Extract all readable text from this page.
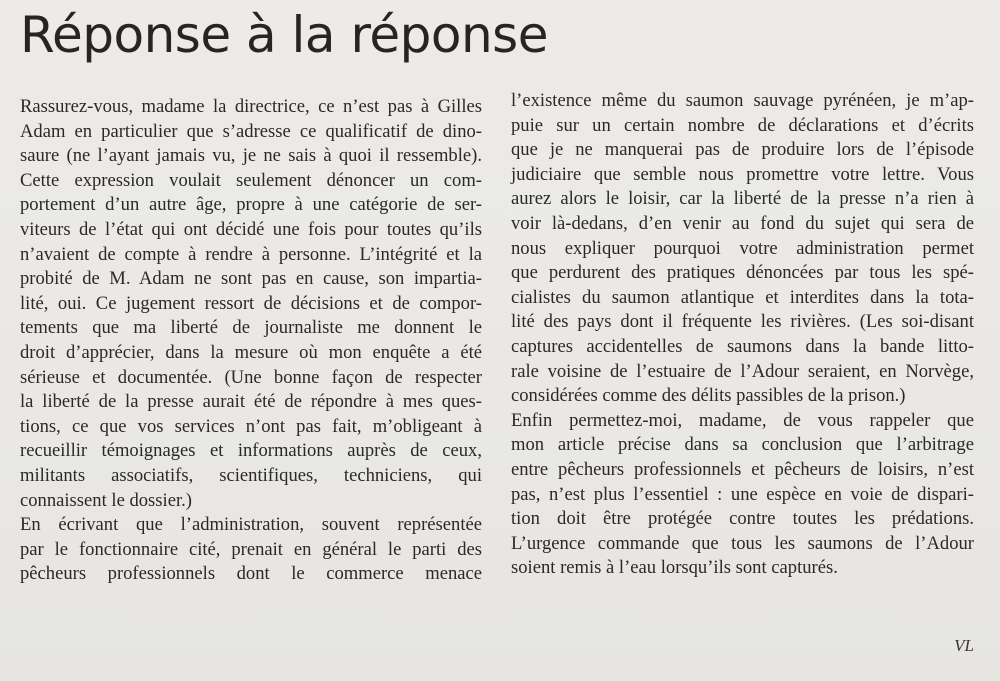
Réponse à la réponse
Rassurez-vous, madame la directrice, ce n’est pas à Gilles
Adam en particulier que s’adresse ce qualificatif de dino-
saure (ne l’ayant jamais vu, je ne sais à quoi il ressemble).
Cette expression voulait seulement dénoncer un com-
portement d’un autre âge, propre à une catégorie de ser-
viteurs de l’état qui ont décidé une fois pour toutes qu’ils
n’avaient de compte à rendre à personne. L’intégrité et la
probité de M. Adam ne sont pas en cause, son impartia-
lité, oui. Ce jugement ressort de décisions et de compor-
tements que ma liberté de journaliste me donnent le
droit d’apprécier, dans la mesure où mon enquête a été
sérieuse et documentée. (Une bonne façon de respecter
la liberté de la presse aurait été de répondre à mes ques-
tions, ce que vos services n’ont pas fait, m’obligeant à
recueillir témoignages et informations auprès de ceux,
militants associatifs, scientifiques, techniciens, qui
connaissent le dossier.)
En écrivant que l’administration, souvent représentée
par le fonctionnaire cité, prenait en général le parti des
pêcheurs professionnels dont le commerce menace
l’existence même du saumon sauvage pyrénéen, je m’ap-
puie sur un certain nombre de déclarations et d’écrits
que je ne manquerai pas de produire lors de l’épisode
judiciaire que semble nous promettre votre lettre. Vous
aurez alors le loisir, car la liberté de la presse n’a rien à
voir là-dedans, d’en venir au fond du sujet qui sera de
nous expliquer pourquoi votre administration permet
que perdurent des pratiques dénoncées par tous les spé-
cialistes du saumon atlantique et interdites dans la tota-
lité des pays dont il fréquente les rivières. (Les soi-disant
captures accidentelles de saumons dans la bande litto-
rale voisine de l’estuaire de l’Adour seraient, en Norvège,
considérées comme des délits passibles de la prison.)
Enfin permettez-moi, madame, de vous rappeler que
mon article précise dans sa conclusion que l’arbitrage
entre pêcheurs professionnels et pêcheurs de loisirs, n’est
pas, n’est plus l’essentiel : une espèce en voie de dispari-
tion doit être protégée contre toutes les prédations.
L’urgence commande que tous les saumons de l’Adour
soient remis à l’eau lorsqu’ils sont capturés.
VL
